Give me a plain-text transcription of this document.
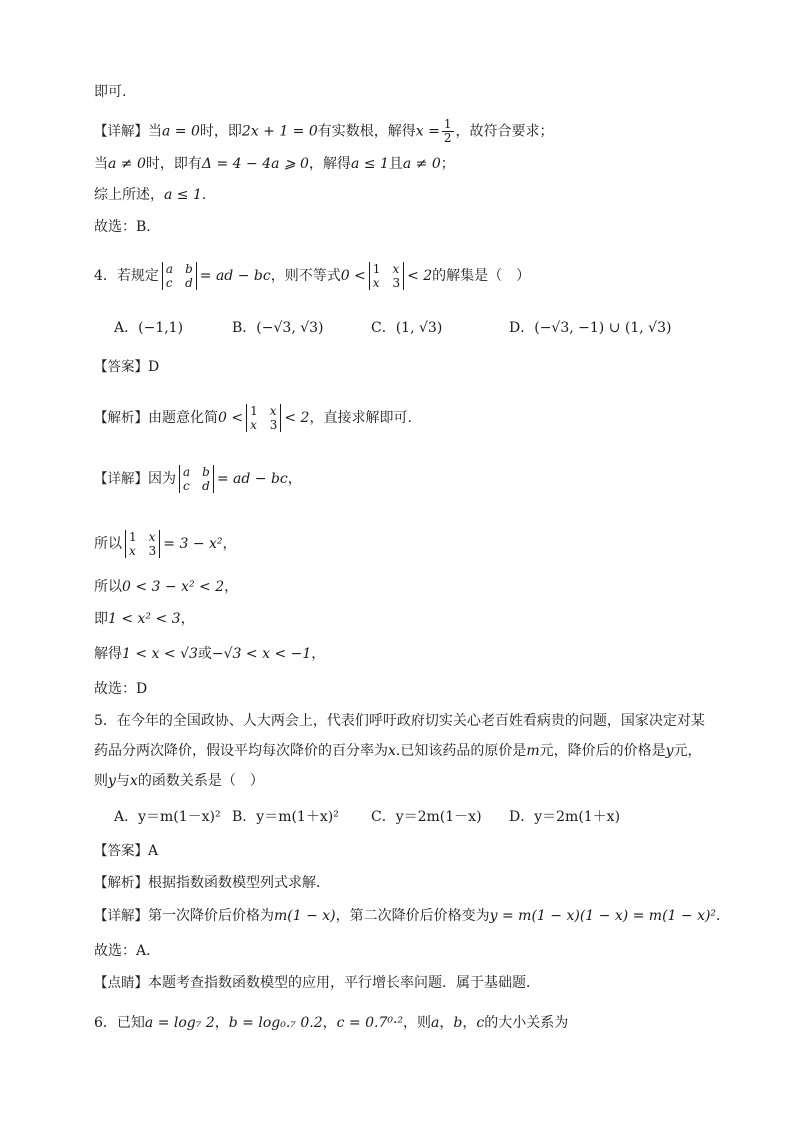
即可.
【详解】当a = 0时，即2x + 1 = 0有实数根，解得$x = \frac{1}{2}$ ，故符合要求；
当a ≠ 0时，即有Δ = 4 − 4a ⩾ 0，解得a ≤ 1且a ≠ 0；
综上所述，a ≤ 1.
故选：B.
4．若规定 a b
c d = ad − bc，则不等式0 < 1 x
x 3 < 2的解集是（　）
A．(−1,1)	B．(−√3, √3)	C．(1, √3)	D．(−√3, −1) ∪ (1, √3)
【答案】D
【解析】由题意化简0 < 1 x
x 3 < 2，直接求解即可.
【详解】因为 a b
c d = ad − bc，
所以 1 x
x 3 = 3 − x²，
所以0 < 3 − x² < 2，
即1 < x² < 3，
解得1 < x < √3或−√3 < x < −1，
故选：D
5．在今年的全国政协、人大两会上，代表们呼吁政府切实关心老百姓看病贵的问题，国家决定对某
药品分两次降价，假设平均每次降价的百分率为x.已知该药品的原价是m元，降价后的价格是y元，
则y与x的函数关系是（　）
A．y＝m(1－x)² B．y＝m(1＋x)² C．y＝2m(1－x) D．y＝2m(1＋x)
【答案】A
【解析】根据指数函数模型列式求解．
【详解】第一次降价后价格为m(1 − x)，第二次降价后价格变为y = m(1 − x)(1 − x) = m(1 − x)²．
故选：A．
【点睛】本题考查指数函数模型的应用，平行增长率问题．属于基础题．
6．已知a = log₇ 2，b = log₀.₇ 0.2，c = 0.7⁰·²，则a，b，c的大小关系为
